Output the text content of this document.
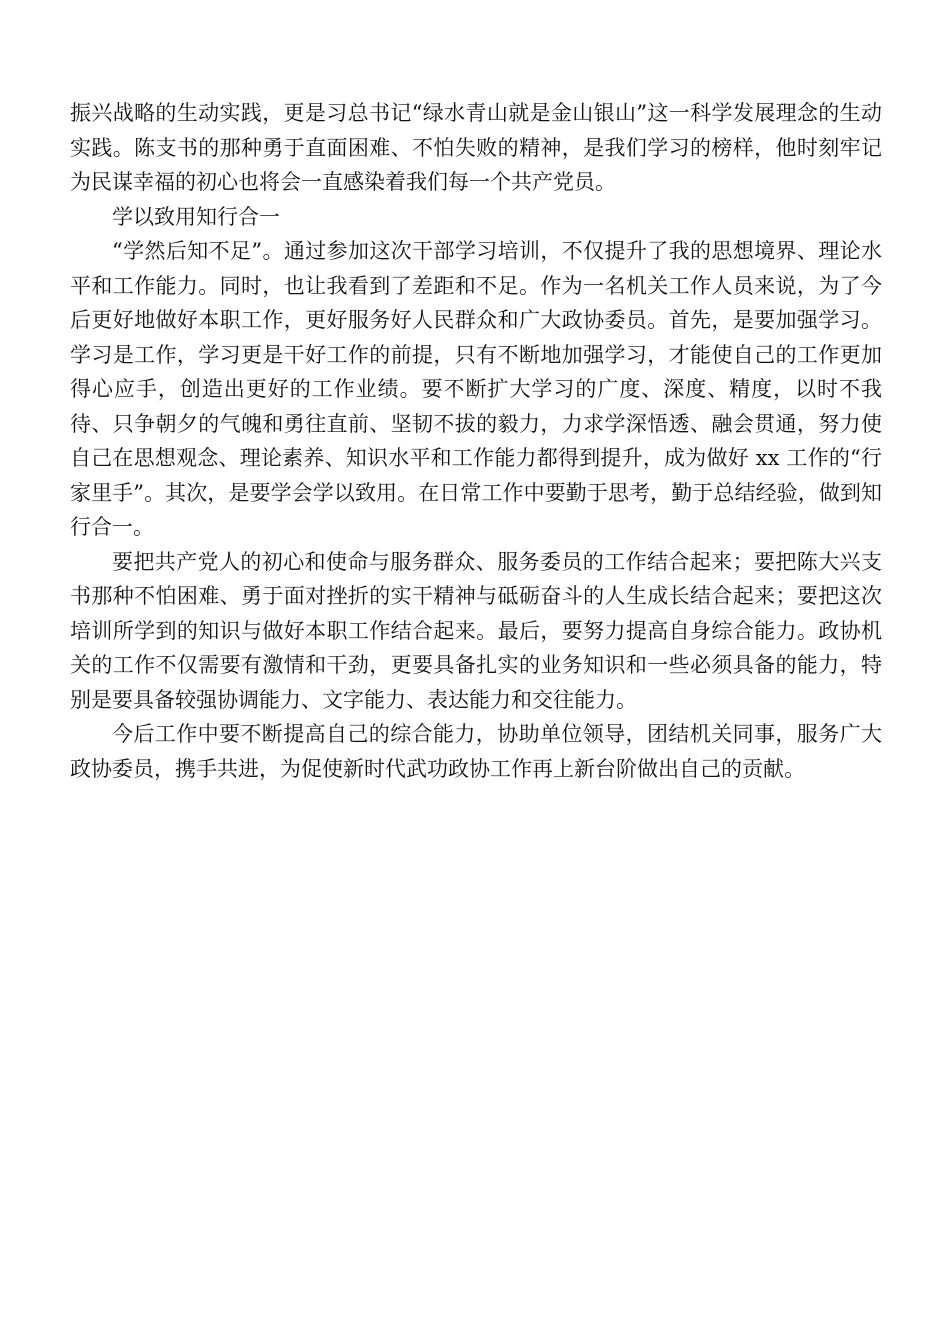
振兴战略的生动实践，更是习总书记“绿水青山就是金山银山”这一科学发展理念的生动实践。陈支书的那种勇于直面困难、不怕失败的精神，是我们学习的榜样，他时刻牢记为民谋幸福的初心也将会一直感染着我们每一个共产党员。

学以致用知行合一

“学然后知不足”。通过参加这次干部学习培训，不仅提升了我的思想境界、理论水平和工作能力。同时，也让我看到了差距和不足。作为一名机关工作人员来说，为了今后更好地做好本职工作，更好服务好人民群众和广大政协委员。首先，是要加强学习。学习是工作，学习更是干好工作的前提，只有不断地加强学习，才能使自己的工作更加得心应手，创造出更好的工作业绩。要不断扩大学习的广度、深度、精度，以时不我待、只争朝夕的气魄和勇往直前、坚韧不拔的毅力，力求学深悟透、融会贯通，努力使自己在思想观念、理论素养、知识水平和工作能力都得到提升，成为做好 xx 工作的“行家里手”。其次，是要学会学以致用。在日常工作中要勤于思考，勤于总结经验，做到知行合一。

要把共产党人的初心和使命与服务群众、服务委员的工作结合起来；要把陈大兴支书那种不怕困难、勇于面对挫折的实干精神与砥砺奋斗的人生成长结合起来；要把这次培训所学到的知识与做好本职工作结合起来。最后，要努力提高自身综合能力。政协机关的工作不仅需要有激情和干劲，更要具备扎实的业务知识和一些必须具备的能力，特别是要具备较强协调能力、文字能力、表达能力和交往能力。

今后工作中要不断提高自己的综合能力，协助单位领导，团结机关同事，服务广大政协委员，携手共进，为促使新时代武功政协工作再上新台阶做出自己的贡献。
